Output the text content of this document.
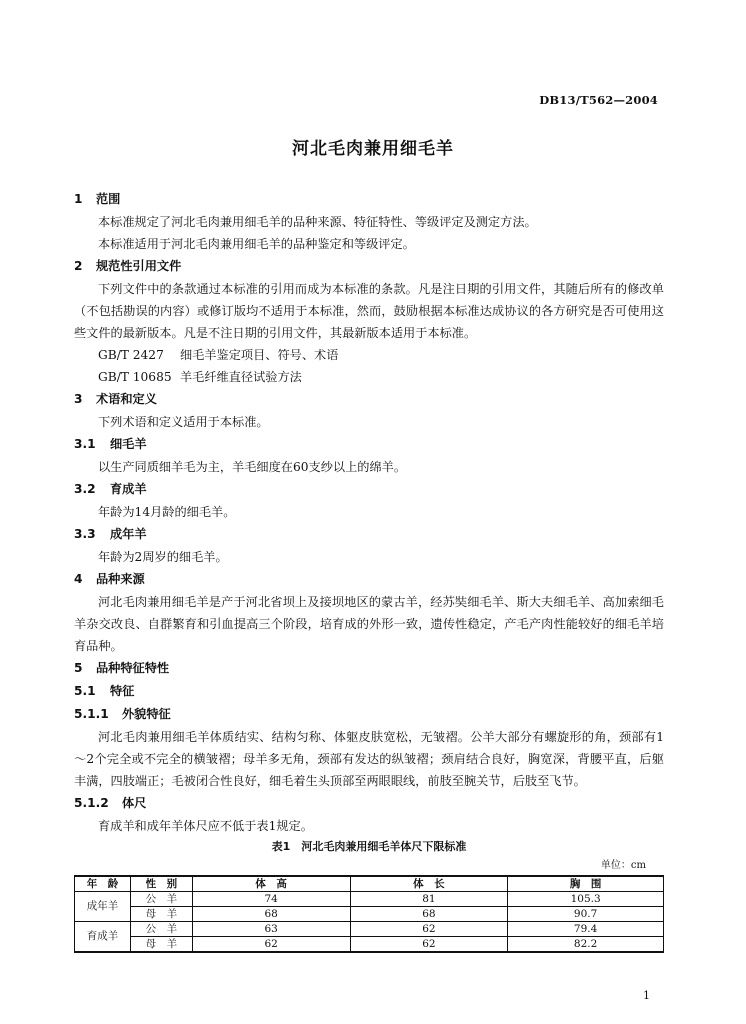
DB13/T562—2004
河北毛肉兼用细毛羊
1 范围
本标准规定了河北毛肉兼用细毛羊的品种来源、特征特性、等级评定及测定方法。
本标准适用于河北毛肉兼用细毛羊的品种鉴定和等级评定。
2 规范性引用文件
下列文件中的条款通过本标准的引用而成为本标准的条款。凡是注日期的引用文件，其随后所有的修改单（不包括勘误的内容）或修订版均不适用于本标准，然而，鼓励根据本标准达成协议的各方研究是否可使用这些文件的最新版本。凡是不注日期的引用文件，其最新版本适用于本标准。
GB/T 2427 细毛羊鉴定项目、符号、术语
GB/T 10685 羊毛纤维直径试验方法
3 术语和定义
下列术语和定义适用于本标准。
3.1 细毛羊
以生产同质细羊毛为主，羊毛细度在60支纱以上的绵羊。
3.2 育成羊
年龄为14月龄的细毛羊。
3.3 成年羊
年龄为2周岁的细毛羊。
4 品种来源
河北毛肉兼用细毛羊是产于河北省坝上及接坝地区的蒙古羊，经苏奘细毛羊、斯大夫细毛羊、高加索细毛羊杂交改良、自群繁育和引血提高三个阶段，培育成的外形一致，遗传性稳定，产毛产肉性能较好的细毛羊培育品种。
5 品种特征特性
5.1 特征
5.1.1 外貌特征
河北毛肉兼用细毛羊体质结实、结构匀称、体躯皮肤宽松，无皱褶。公羊大部分有螺旋形的角，颈部有1～2个完全或不完全的横皱褶；母羊多无角，颈部有发达的纵皱褶；颈肩结合良好，胸宽深，背腰平直，后躯丰满，四肢端正；毛被闭合性良好，细毛着生头顶部至两眼眼线，前肢至腕关节，后肢至飞节。
5.1.2 体尺
育成羊和成年羊体尺应不低于表1规定。
表1　河北毛肉兼用细毛羊体尺下限标准
单位：cm
年　龄	性　别	体　高	体　长	胸　围
成年羊	公　羊	74	81	105.3
	母　羊	68	68	90.7
育成羊	公　羊	63	62	79.4
	母　羊	62	62	82.2
1
